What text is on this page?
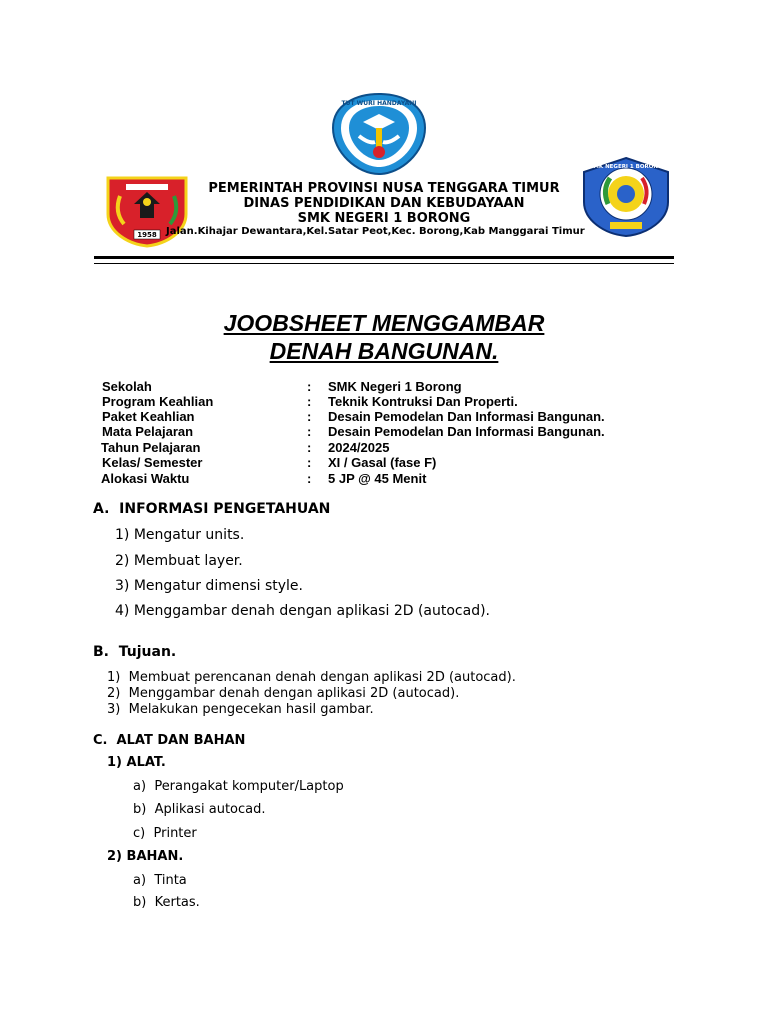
TUT WURI HANDAYANI
1958
SMK NEGERI 1 BORONG
PEMERINTAH PROVINSI NUSA TENGGARA TIMUR
DINAS PENDIDIKAN DAN KEBUDAYAAN
SMK NEGERI 1 BORONG
Jalan.Kihajar Dewantara,Kel.Satar Peot,Kec. Borong,Kab Manggarai Timur
JOOBSHEET MENGGAMBAR
DENAH BANGUNAN.
Sekolah	: SMK Negeri 1 Borong
Program Keahlian	: Teknik Kontruksi Dan Properti.
Paket Keahlian	: Desain Pemodelan Dan Informasi Bangunan.
Mata Pelajaran	: Desain Pemodelan Dan Informasi Bangunan.
Tahun Pelajaran	: 2024/2025
Kelas/ Semester	: XI / Gasal (fase F)
Alokasi Waktu	: 5 JP @ 45 Menit
A. INFORMASI PENGETAHUAN
1) Mengatur units.
2) Membuat layer.
3) Mengatur dimensi style.
4) Menggambar denah dengan aplikasi 2D (autocad).
B. Tujuan.
1) Membuat perencanan denah dengan aplikasi 2D (autocad).
2) Menggambar denah dengan aplikasi 2D (autocad).
3) Melakukan pengecekan hasil gambar.
C. ALAT DAN BAHAN
1) ALAT.
a) Perangakat komputer/Laptop
b) Aplikasi autocad.
c) Printer
2) BAHAN.
a) Tinta
b) Kertas.
